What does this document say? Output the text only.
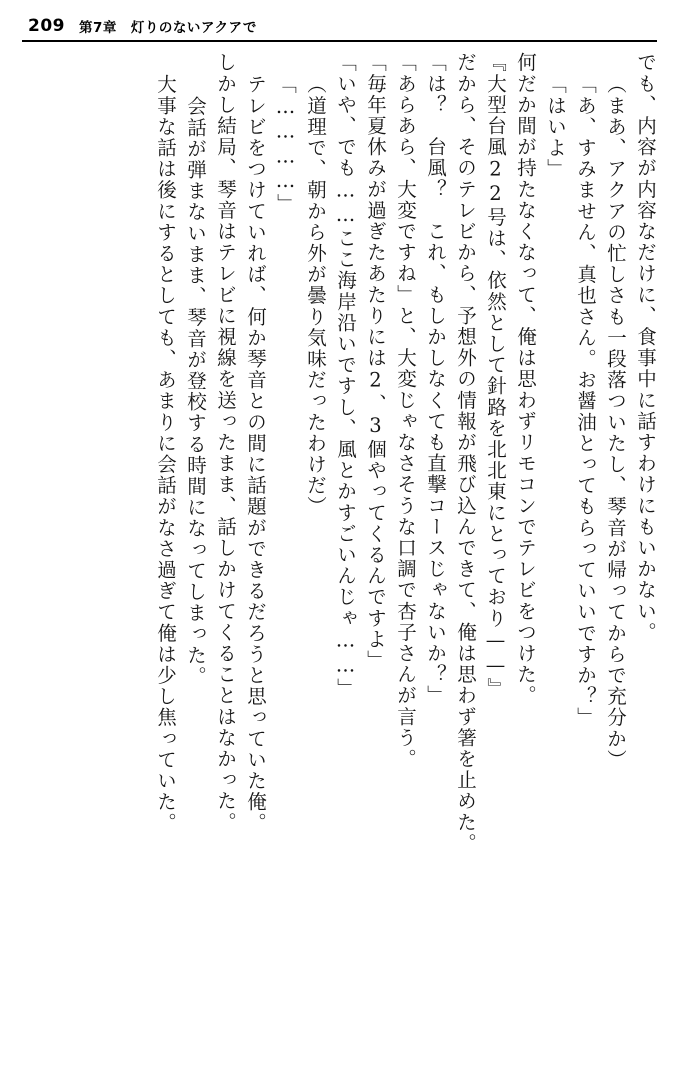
209 第7章　灯りのないアクアで
でも、内容が内容なだけに、食事中に話すわけにもいかない。
（まあ、アクアの忙しさも一段落ついたし、琴音が帰ってからで充分か）
「あ、すみません、真也さん。お醤油とってもらっていいですか？」
「はいよ」
何だか間が持たなくなって、俺は思わずリモコンでテレビをつけた。
『大型台風22号は、依然として針路を北北東にとっており——』
だから、そのテレビから、予想外の情報が飛び込んできて、俺は思わず箸を止めた。
「は？　台風？　これ、もしかしなくても直撃コースじゃないか？」
「あらあら、大変ですね」と、大変じゃなさそうな口調で杏子さんが言う。
「毎年夏休みが過ぎたあたりには2、3個やってくるんですよ」
「いや、でも……ここ海岸沿いですし、風とかすごいんじゃ……」
（道理で、朝から外が曇り気味だったわけだ）
「…………」
テレビをつけていれば、何か琴音との間に話題ができるだろうと思っていた俺。
しかし結局、琴音はテレビに視線を送ったまま、話しかけてくることはなかった。
会話が弾まないまま、琴音が登校する時間になってしまった。
大事な話は後にするとしても、あまりに会話がなさ過ぎて俺は少し焦っていた。
